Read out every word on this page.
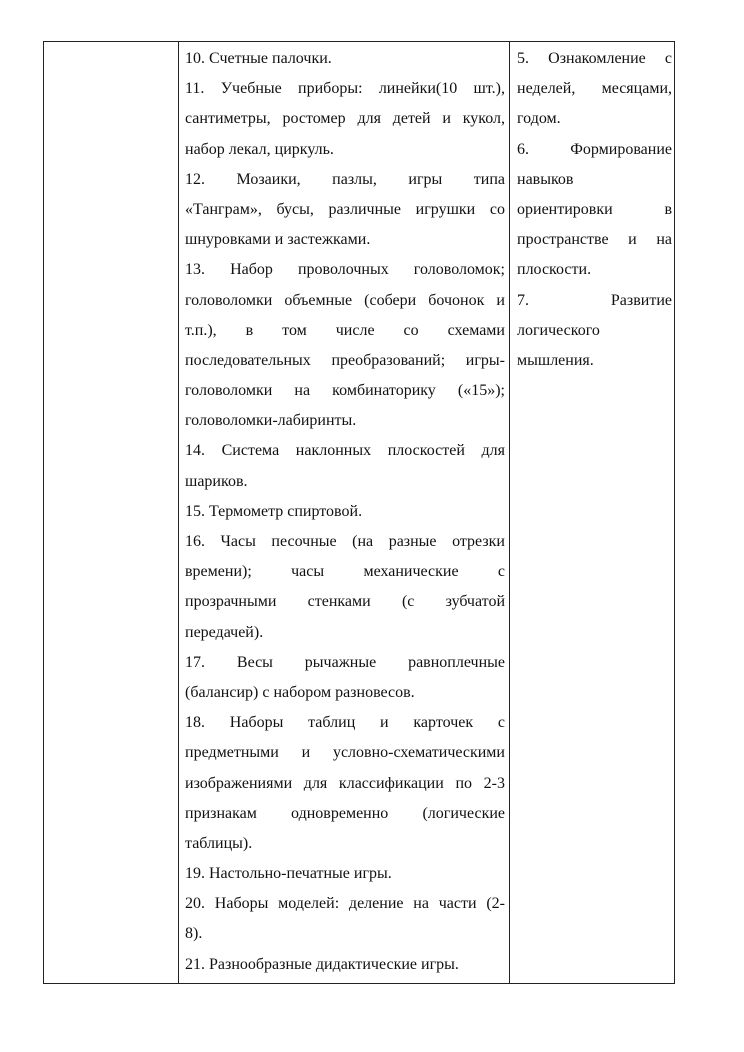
10. Счетные палочки.
11. Учебные приборы: линейки(10 шт.),
сантиметры, ростомер для детей и кукол,
набор лекал, циркуль.
12. Мозаики, пазлы, игры типа
«Танграм», бусы, различные игрушки со
шнуровками и застежками.
13. Набор проволочных головоломок;
головоломки объемные (собери бочонок и
т.п.), в том числе со схемами
последовательных преобразований; игры-
головоломки на комбинаторику («15»);
головоломки-лабиринты.
14. Система наклонных плоскостей для
шариков.
15. Термометр спиртовой.
16. Часы песочные (на разные отрезки
времени); часы механические с
прозрачными стенками (с зубчатой
передачей).
17. Весы рычажные равноплечные
(балансир) с набором разновесов.
18. Наборы таблиц и карточек с
предметными и условно-схематическими
изображениями для классификации по 2-3
признакам одновременно (логические
таблицы).
19. Настольно-печатные игры.
20. Наборы моделей: деление на части (2-
8).
21. Разнообразные дидактические игры.
5. Ознакомление с
неделей, месяцами,
годом.
6. Формирование
навыков
ориентировки в
пространстве и на
плоскости.
7. Развитие
логического
мышления.
